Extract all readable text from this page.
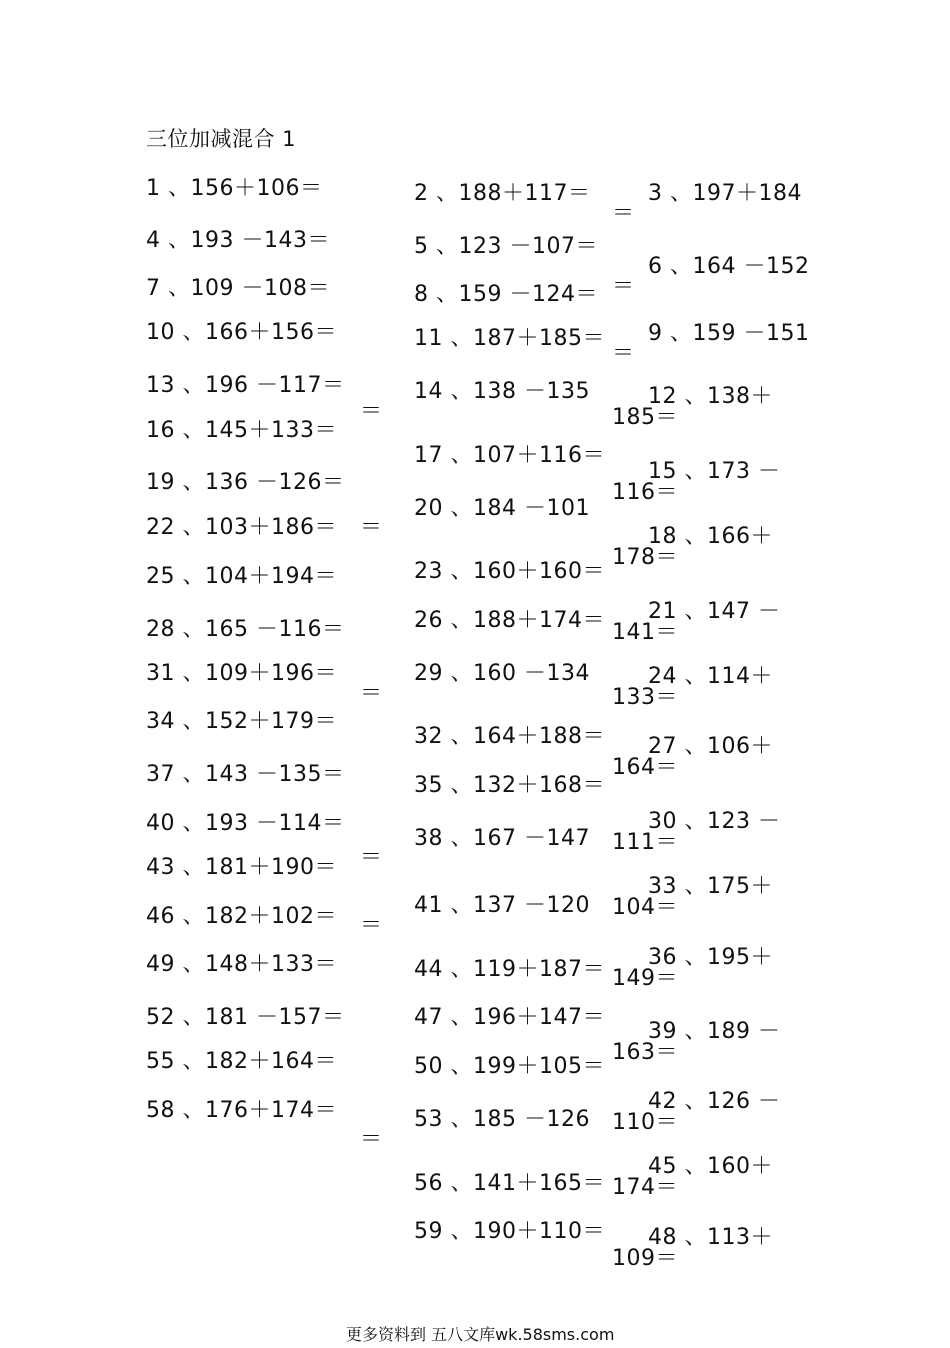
三位加减混合 1
1 、156＋106＝
4 、193 －143＝
7 、109 －108＝
10 、166＋156＝
13 、196 －117＝
16 、145＋133＝
19 、136 －126＝
22 、103＋186＝
25 、104＋194＝
28 、165 －116＝
31 、109＋196＝
34 、152＋179＝
37 、143 －135＝
40 、193 －114＝
43 、181＋190＝
46 、182＋102＝
49 、148＋133＝
52 、181 －157＝
55 、182＋164＝
58 、176＋174＝
2 、188＋117＝
5 、123 －107＝
8 、159 －124＝
11 、187＋185＝
14 、138 －135
17 、107＋116＝
20 、184 －101
23 、160＋160＝
26 、188＋174＝
29 、160 －134
32 、164＋188＝
35 、132＋168＝
38 、167 －147
41 、137 －120
44 、119＋187＝
47 、196＋147＝
50 、199＋105＝
53 、185 －126
56 、141＋165＝
59 、190＋110＝
＝
＝
＝
＝
＝
＝
3 、197＋184
6 、164 －152
9 、159 －151
12 、138＋
15 、173 －
18 、166＋
21 、147 －
24 、114＋
27 、106＋
30 、123 －
33 、175＋
36 、195＋
39 、189 －
42 、126 －
45 、160＋
48 、113＋
＝
＝
＝
185＝
116＝
178＝
141＝
133＝
164＝
111＝
104＝
149＝
163＝
110＝
174＝
109＝
更多资料到 五八文库wk.58sms.com
